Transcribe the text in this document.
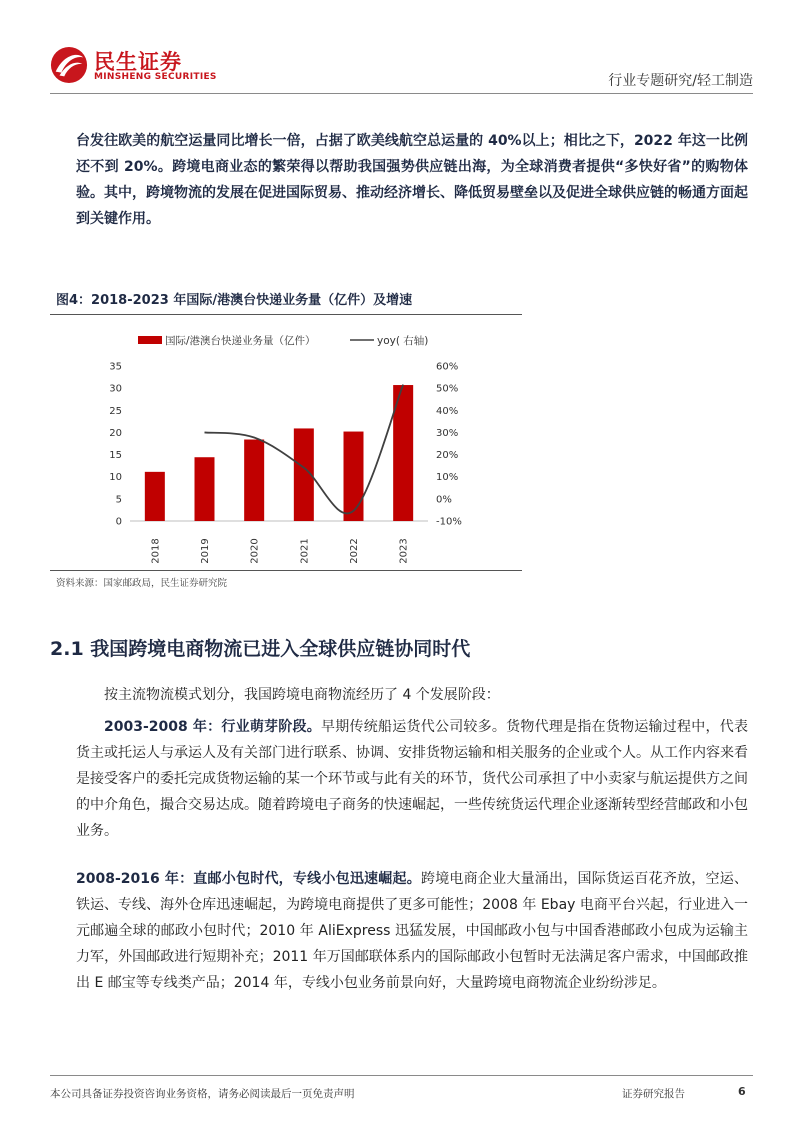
民生证券
MINSHENG SECURITIES	行业专题研究/轻工制造

台发往欧美的航空运量同比增长一倍，占据了欧美线航空总运量的 40%以上；相比之下，2022 年这一比例还不到 20%。跨境电商业态的繁荣得以帮助我国强势供应链出海，为全球消费者提供“多快好省”的购物体验。其中，跨境物流的发展在促进国际贸易、推动经济增长、降低贸易壁垒以及促进全球供应链的畅通方面起到关键作用。

图4：2018-2023 年国际/港澳台快递业务量（亿件）及增速
国际/港澳台快递业务量（亿件）	yoy( 右轴)
0
5
10
15
20
25
30
35
-10%
0%
10%
20%
30%
40%
50%
60%
2018	2019	2020	2021	2022	2023
资料来源：国家邮政局，民生证券研究院
2.1 我国跨境电商物流已进入全球供应链协同时代

按主流物流模式划分，我国跨境电商物流经历了 4 个发展阶段：

2003-2008 年：行业萌芽阶段。早期传统船运货代公司较多。货物代理是指在货物运输过程中，代表货主或托运人与承运人及有关部门进行联系、协调、安排货物运输和相关服务的企业或个人。从工作内容来看是接受客户的委托完成货物运输的某一个环节或与此有关的环节，货代公司承担了中小卖家与航运提供方之间的中介角色，撮合交易达成。随着跨境电子商务的快速崛起，一些传统货运代理企业逐渐转型经营邮政和小包业务。

2008-2016 年：直邮小包时代，专线小包迅速崛起。跨境电商企业大量涌出，国际货运百花齐放，空运、铁运、专线、海外仓库迅速崛起，为跨境电商提供了更多可能性；2008 年 Ebay 电商平台兴起，行业进入一元邮遍全球的邮政小包时代；2010 年 AliExpress 迅猛发展，中国邮政小包与中国香港邮政小包成为运输主力军，外国邮政进行短期补充；2011 年万国邮联体系内的国际邮政小包暂时无法满足客户需求，中国邮政推出 E 邮宝等专线类产品；2014 年，专线小包业务前景向好，大量跨境电商物流企业纷纷涉足。

本公司具备证券投资咨询业务资格，请务必阅读最后一页免责声明	证券研究报告	6
